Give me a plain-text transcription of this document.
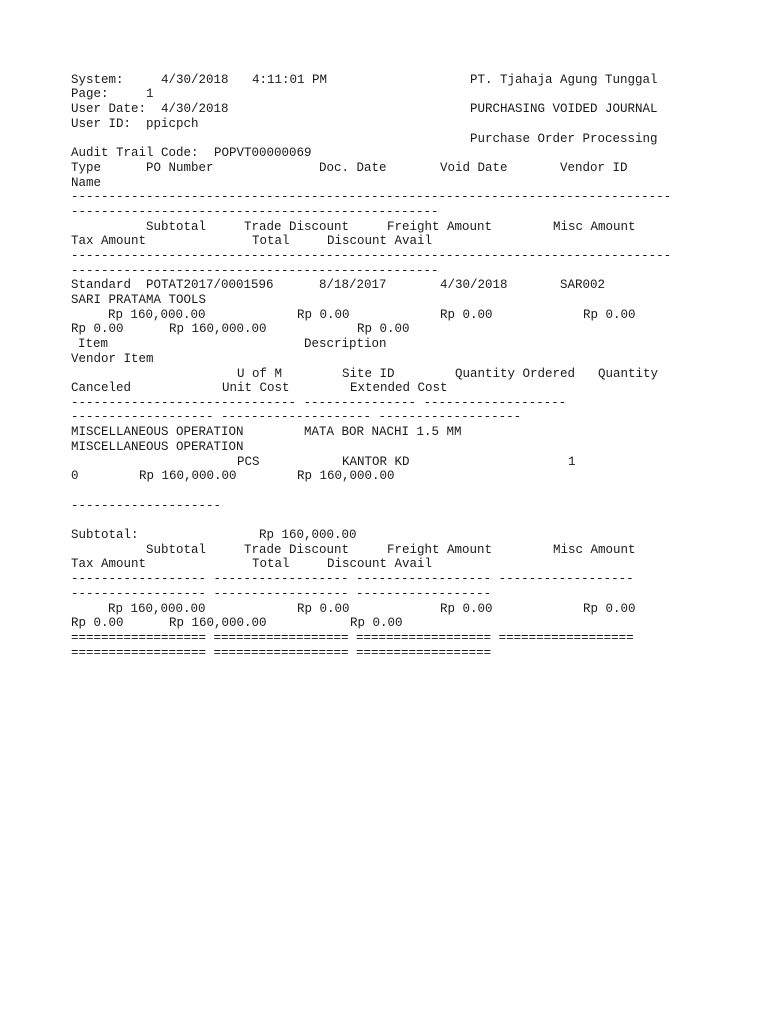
System:	4/30/2018 4:11:01 PM	PT. Tjahaja Agung Tunggal
Page:	1
User Date: 4/30/2018	PURCHASING VOIDED JOURNAL
User ID: ppicpch
Purchase Order Processing
Audit Trail Code: POPVT00000069
Type	PO Number	Doc. Date	Void Date	Vendor ID
Name
--------------------------------------------------------------------------------
-------------------------------------------------
Subtotal	Trade Discount	Freight Amount	Misc Amount
Tax Amount	Total	Discount Avail
--------------------------------------------------------------------------------
-------------------------------------------------
Standard POTAT2017/0001596	8/18/2017	4/30/2018	SAR002
SARI PRATAMA TOOLS
Rp 160,000.00	Rp 0.00	Rp 0.00	Rp 0.00
Rp 0.00	Rp 160,000.00	Rp 0.00
Item	Description
Vendor Item
U of M	Site ID	Quantity Ordered Quantity
Canceled	Unit Cost	Extended Cost
------------------------------ --------------- -------------------
------------------- -------------------- -------------------
MISCELLANEOUS OPERATION	MATA BOR NACHI 1.5 MM
MISCELLANEOUS OPERATION
PCS	KANTOR KD	1
0	Rp 160,000.00	Rp 160,000.00
--------------------
Subtotal:	Rp 160,000.00
Subtotal	Trade Discount	Freight Amount	Misc Amount
Tax Amount	Total	Discount Avail
------------------ ------------------ ------------------ ------------------
------------------ ------------------ ------------------
Rp 160,000.00	Rp 0.00	Rp 0.00	Rp 0.00
Rp 0.00	Rp 160,000.00	Rp 0.00
================== ================== ================== ==================
================== ================== ==================
